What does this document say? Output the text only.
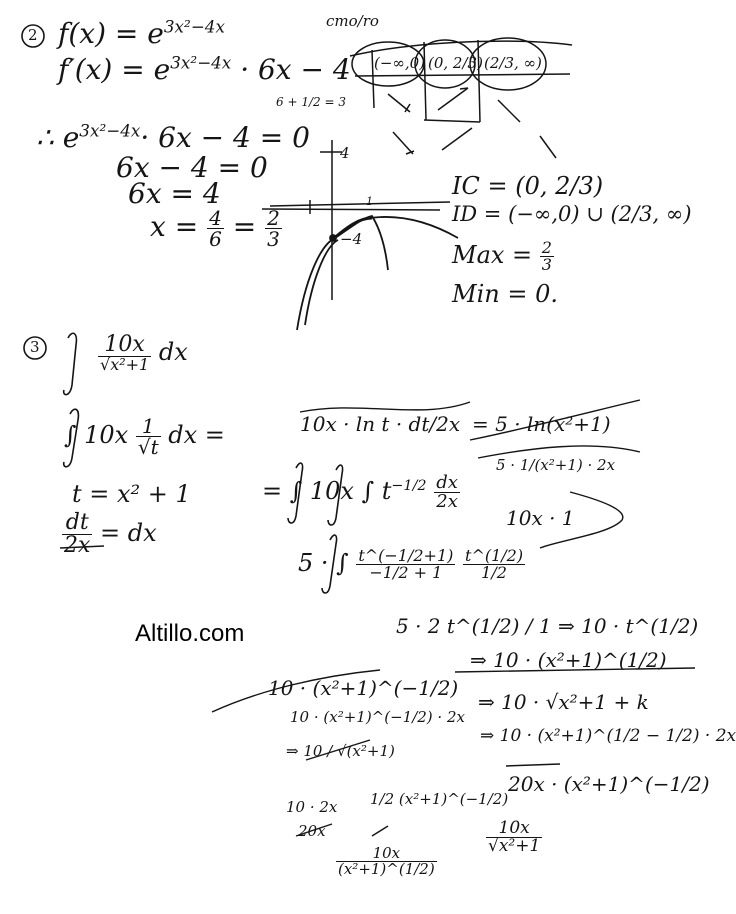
2 $f(x) = e^{3x^2-4x}$
$f'(x) = e^{3x^2-4x} \cdot 6x - 4$
cmo/ro
(−∞,0) (0, 2/3) (2/3, ∞)
6 + 1/2 = 3
∴ $e^{3x^2-4x}\cdot 6x - 4 = 0$
6x − 4 = 0
6x = 4
$x = \frac{4}{6} = \frac{2}{3}$
4
−4
1
IC = (0, 2/3)
ID = (−∞,0) ∪ (2/3, ∞)
Max = $\frac{2}{3}$
Min = 0.
3	$\frac{10x}{\text{√x²+1}}$ dx
∫ $10x \frac{1}{√t}$ dx =
t = x² + 1
$\frac{dt}{2x}$ = dx
10x · ln t · dt/2x = 5 · ln(x²+1)
5 · 1/(x²+1) · 2x
= ∫ 10x ∫ $t^{-1/2} \frac{dx}{2x}$
10x · 1
5 · ∫ $\frac{t\^{}(-1/2+1)}{-1/2 + 1}$
$\frac{t\^{}(1/2)}{1/2}$
Altillo.com	5 · 2 t^(1/2) / 1 ⇒ 10 · t^(1/2)
⇒ 10 · (x²+1)^(1/2)
⇒ 10 · √x²+1 + k
10 · (x²+1)^(−1/2)
10 · (x²+1)^(−1/2) · 2x
⇒ 10 / √(x²+1)
10 · 2x 1/2 (x²+1)^(−1/2)
20x
$\frac{10x}{\text{(x²+1)\textasciicircum{}(1/2)}}$
⇒ 10 · (x²+1)^(1/2 − 1/2) · 2x
20x · (x²+1)^(−1/2)
$\frac{10x}{\text{√x²+1}}$
